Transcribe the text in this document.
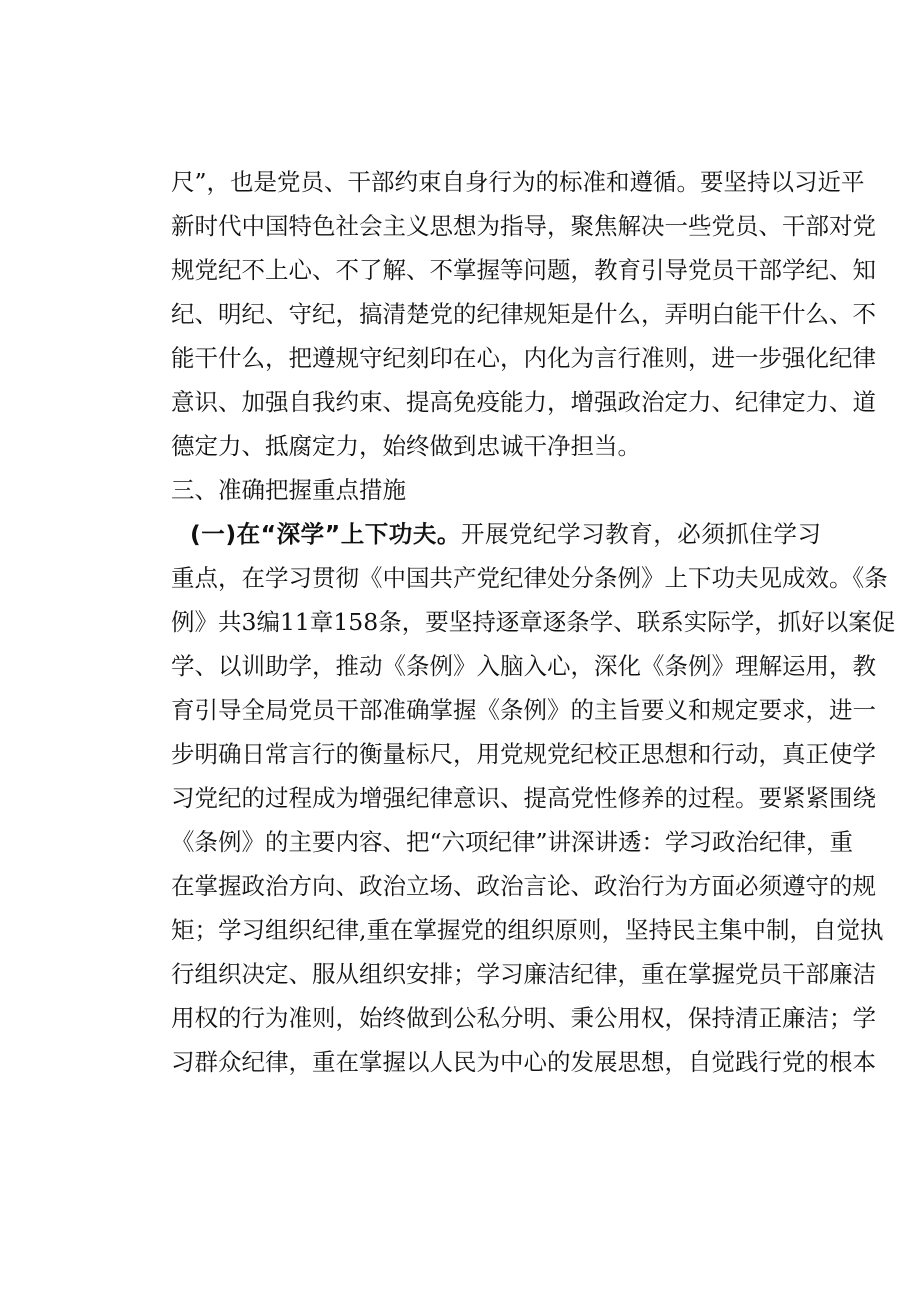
尺”，也是党员、干部约束自身行为的标准和遵循。要坚持以习近平
新时代中国特色社会主义思想为指导，聚焦解决一些党员、干部对党
规党纪不上心、不了解、不掌握等问题，教育引导党员干部学纪、知
纪、明纪、守纪，搞清楚党的纪律规矩是什么，弄明白能干什么、不
能干什么，把遵规守纪刻印在心，内化为言行准则，进一步强化纪律
意识、加强自我约束、提高免疫能力，增强政治定力、纪律定力、道
德定力、抵腐定力，始终做到忠诚干净担当。
三、准确把握重点措施
(一)在“深学”上下功夫。开展党纪学习教育，必须抓住学习
重点，在学习贯彻《中国共产党纪律处分条例》上下功夫见成效。《条
例》共3编11章158条，要坚持逐章逐条学、联系实际学，抓好以案促
学、以训助学，推动《条例》入脑入心，深化《条例》理解运用，教
育引导全局党员干部准确掌握《条例》的主旨要义和规定要求，进一
步明确日常言行的衡量标尺，用党规党纪校正思想和行动，真正使学
习党纪的过程成为增强纪律意识、提高党性修养的过程。要紧紧围绕
《条例》的主要内容、把“六项纪律”讲深讲透：学习政治纪律，重
在掌握政治方向、政治立场、政治言论、政治行为方面必须遵守的规
矩；学习组织纪律,重在掌握党的组织原则，坚持民主集中制，自觉执
行组织决定、服从组织安排；学习廉洁纪律，重在掌握党员干部廉洁
用权的行为准则，始终做到公私分明、秉公用权，保持清正廉洁；学
习群众纪律，重在掌握以人民为中心的发展思想，自觉践行党的根本
